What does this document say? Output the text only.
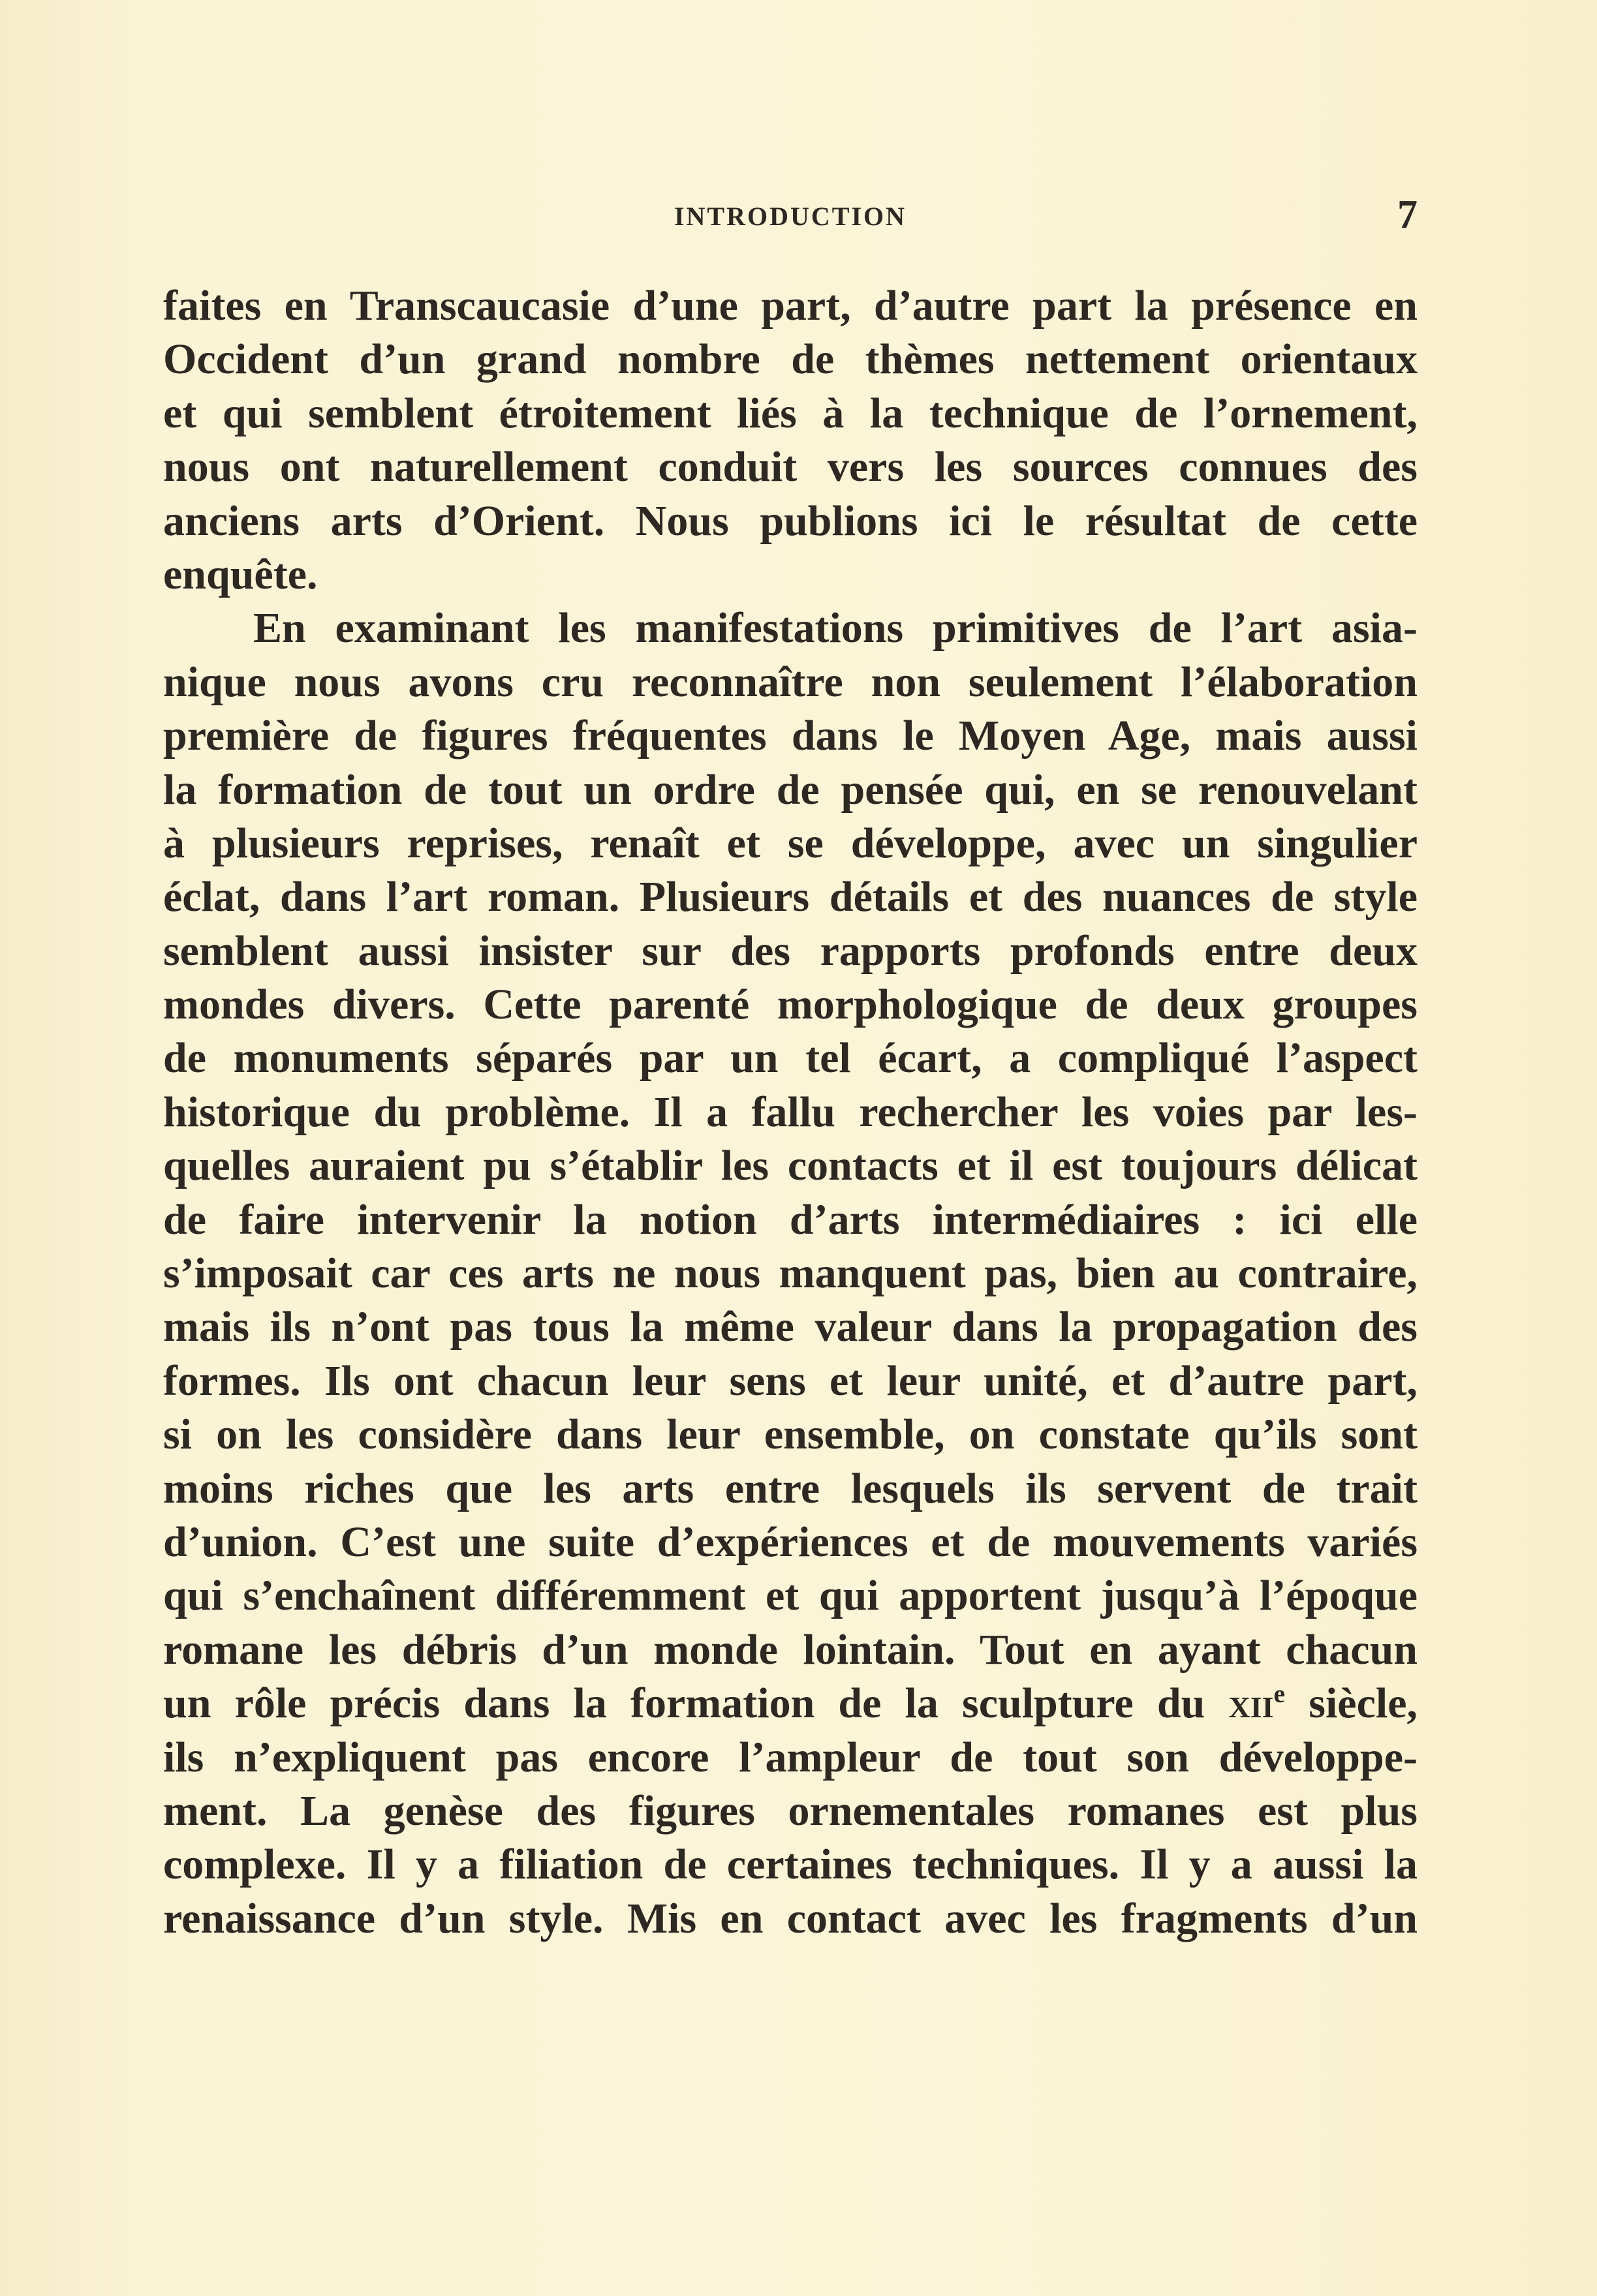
INTRODUCTION	7
faites en Transcaucasie d’une part, d’autre part la présence en
Occident d’un grand nombre de thèmes nettement orientaux
et qui semblent étroitement liés à la technique de l’ornement,
nous ont naturellement conduit vers les sources connues des
anciens arts d’Orient. Nous publions ici le résultat de cette
enquête.
En examinant les manifestations primitives de l’art asia-
nique nous avons cru reconnaître non seulement l’élaboration
première de figures fréquentes dans le Moyen Age, mais aussi
la formation de tout un ordre de pensée qui, en se renouvelant
à plusieurs reprises, renaît et se développe, avec un singulier
éclat, dans l’art roman. Plusieurs détails et des nuances de style
semblent aussi insister sur des rapports profonds entre deux
mondes divers. Cette parenté morphologique de deux groupes
de monuments séparés par un tel écart, a compliqué l’aspect
historique du problème. Il a fallu rechercher les voies par les-
quelles auraient pu s’établir les contacts et il est toujours délicat
de faire intervenir la notion d’arts intermédiaires : ici elle
s’imposait car ces arts ne nous manquent pas, bien au contraire,
mais ils n’ont pas tous la même valeur dans la propagation des
formes. Ils ont chacun leur sens et leur unité, et d’autre part,
si on les considère dans leur ensemble, on constate qu’ils sont
moins riches que les arts entre lesquels ils servent de trait
d’union. C’est une suite d’expériences et de mouvements variés
qui s’enchaînent différemment et qui apportent jusqu’à l’époque
romane les débris d’un monde lointain. Tout en ayant chacun
un rôle précis dans la formation de la sculpture du xii$^e$ siècle,
ils n’expliquent pas encore l’ampleur de tout son développe-
ment. La genèse des figures ornementales romanes est plus
complexe. Il y a filiation de certaines techniques. Il y a aussi la
renaissance d’un style. Mis en contact avec les fragments d’un
